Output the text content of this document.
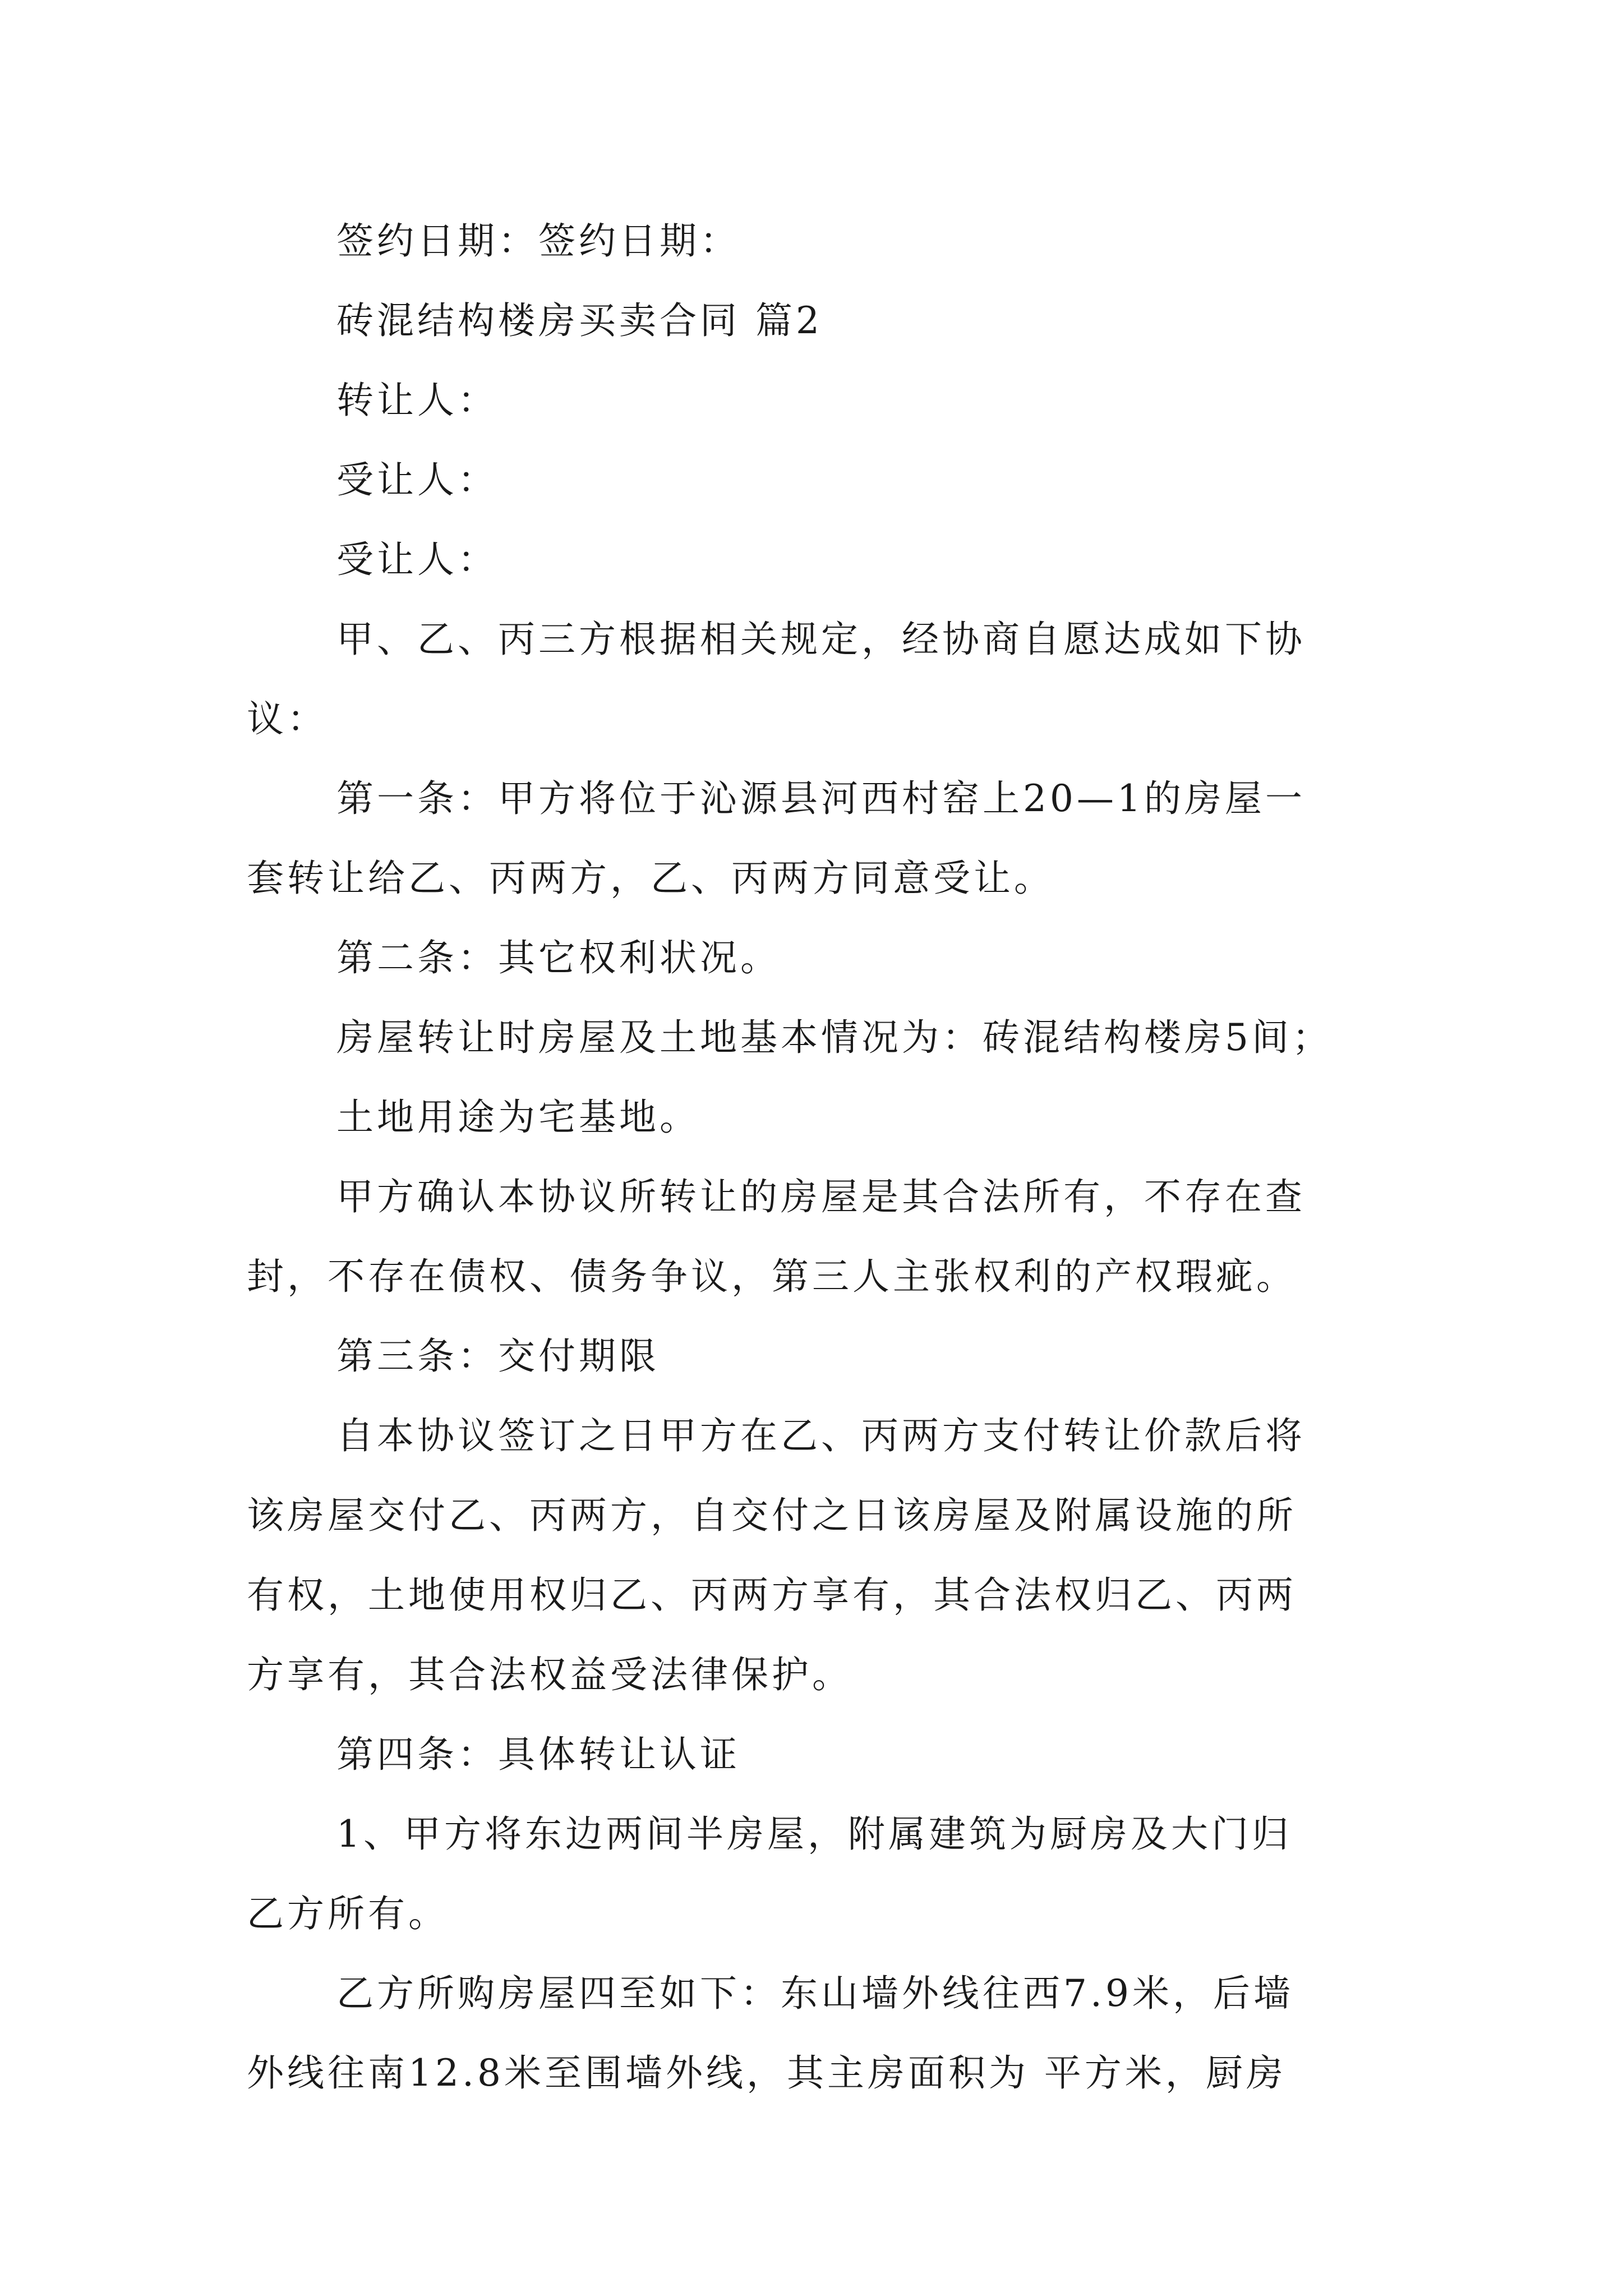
签约日期：签约日期：
砖混结构楼房买卖合同 篇2
转让人：
受让人：
受让人：
甲、乙、丙三方根据相关规定，经协商自愿达成如下协
议：
第一条：甲方将位于沁源县河西村窑上20—1的房屋一
套转让给乙、丙两方，乙、丙两方同意受让。
第二条：其它权利状况。
房屋转让时房屋及土地基本情况为：砖混结构楼房5间；
土地用途为宅基地。
甲方确认本协议所转让的房屋是其合法所有，不存在查
封，不存在债权、债务争议，第三人主张权利的产权瑕疵。
第三条：交付期限
自本协议签订之日甲方在乙、丙两方支付转让价款后将
该房屋交付乙、丙两方，自交付之日该房屋及附属设施的所
有权，土地使用权归乙、丙两方享有，其合法权归乙、丙两
方享有，其合法权益受法律保护。
第四条：具体转让认证
1、甲方将东边两间半房屋，附属建筑为厨房及大门归
乙方所有。
乙方所购房屋四至如下：东山墙外线往西7.9米，后墙
外线往南12.8米至围墙外线，其主房面积为 平方米，厨房
